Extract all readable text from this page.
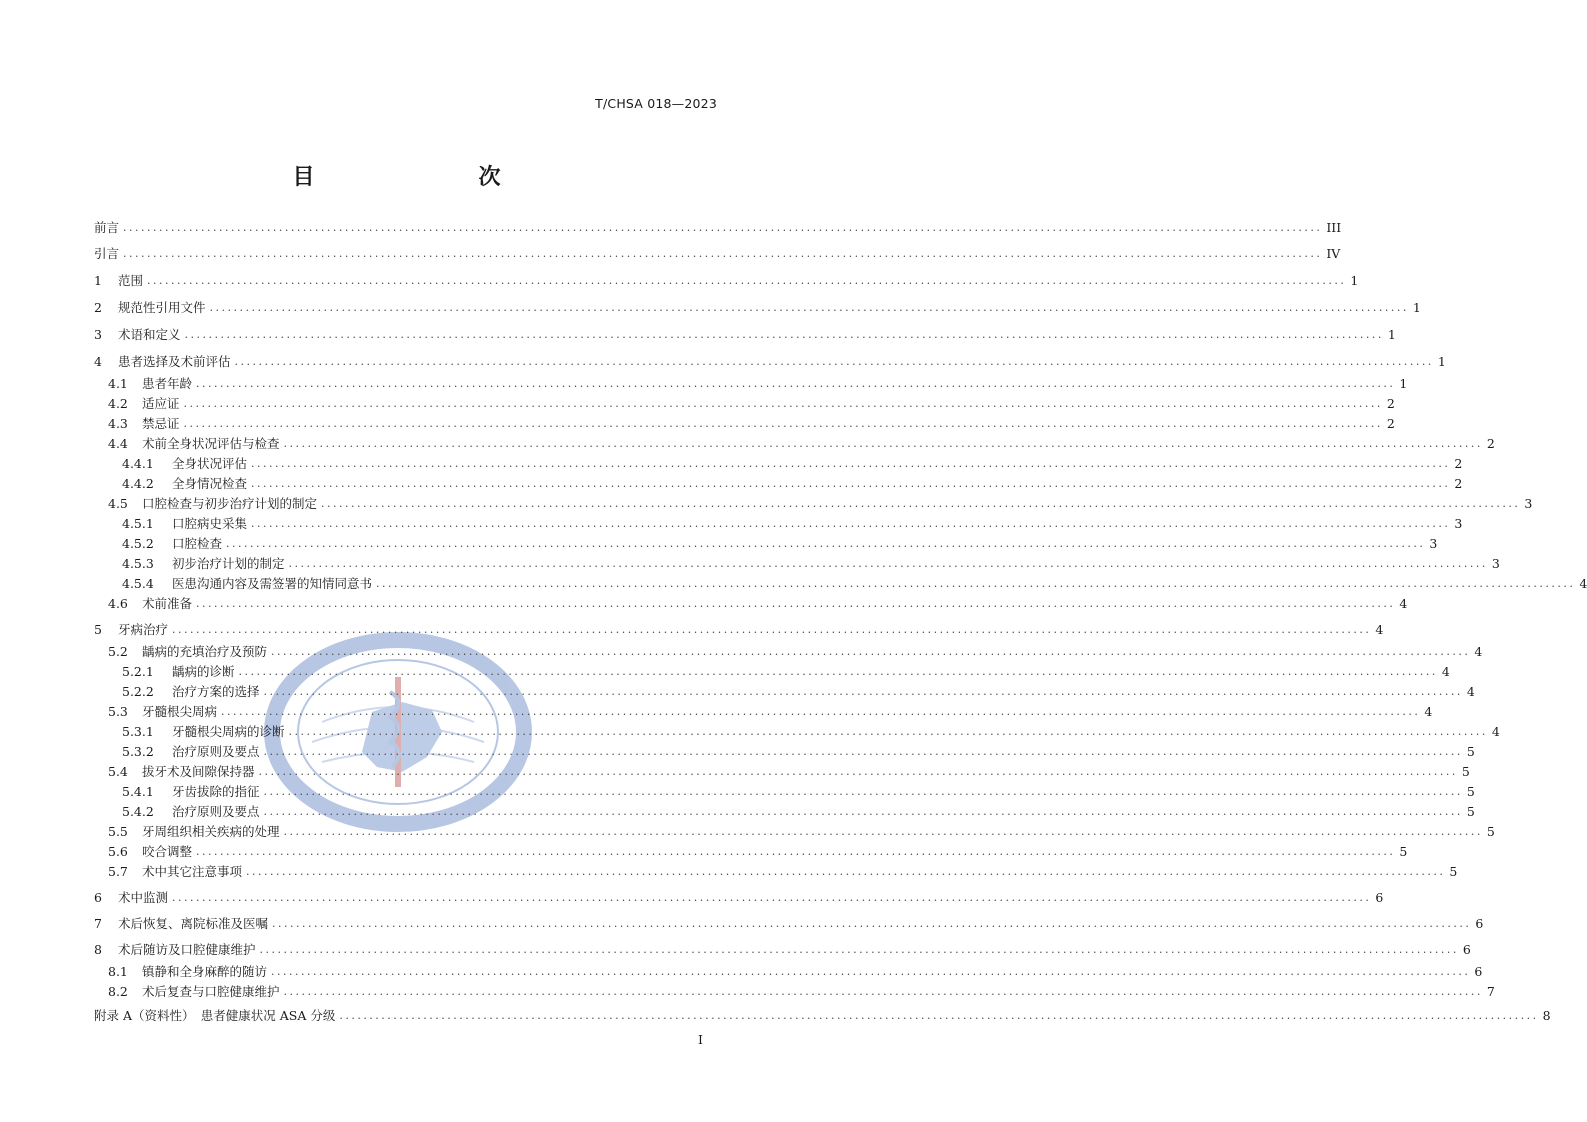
T/CHSA 018—2023
目　　次
前言 ........................................................................................................................................................................................................ III
引言 ........................................................................................................................................................................................................ IV
1	范围 ........................................................................................................................................................................................................ 1
2	规范性引用文件 ........................................................................................................................................................................................................ 1
3	术语和定义 ........................................................................................................................................................................................................ 1
4	患者选择及术前评估 ........................................................................................................................................................................................................ 1
4.1	患者年龄 ........................................................................................................................................................................................................ 1
4.2	适应证 ........................................................................................................................................................................................................ 2
4.3	禁忌证 ........................................................................................................................................................................................................ 2
4.4	术前全身状况评估与检查 ........................................................................................................................................................................................................ 2
4.4.1	全身状况评估 ........................................................................................................................................................................................................ 2
4.4.2	全身情况检查 ........................................................................................................................................................................................................ 2
4.5	口腔检查与初步治疗计划的制定 ........................................................................................................................................................................................................ 3
4.5.1	口腔病史采集 ........................................................................................................................................................................................................ 3
4.5.2	口腔检查 ........................................................................................................................................................................................................ 3
4.5.3	初步治疗计划的制定 ........................................................................................................................................................................................................ 3
4.5.4	医患沟通内容及需签署的知情同意书 ........................................................................................................................................................................................................ 4
4.6	术前准备 ........................................................................................................................................................................................................ 4
5	牙病治疗 ........................................................................................................................................................................................................ 4
5.2	龋病的充填治疗及预防 ........................................................................................................................................................................................................ 4
5.2.1	龋病的诊断 ........................................................................................................................................................................................................ 4
5.2.2	治疗方案的选择 ........................................................................................................................................................................................................ 4
5.3	牙髓根尖周病 ........................................................................................................................................................................................................ 4
5.3.1	牙髓根尖周病的诊断 ........................................................................................................................................................................................................ 4
5.3.2	治疗原则及要点 ........................................................................................................................................................................................................ 5
5.4	拔牙术及间隙保持器 ........................................................................................................................................................................................................ 5
5.4.1	牙齿拔除的指征 ........................................................................................................................................................................................................ 5
5.4.2	治疗原则及要点 ........................................................................................................................................................................................................ 5
5.5	牙周组织相关疾病的处理 ........................................................................................................................................................................................................ 5
5.6	咬合调整 ........................................................................................................................................................................................................ 5
5.7	术中其它注意事项 ........................................................................................................................................................................................................ 5
6	术中监测 ........................................................................................................................................................................................................ 6
7	术后恢复、离院标准及医嘱 ........................................................................................................................................................................................................ 6
8	术后随访及口腔健康维护 ........................................................................................................................................................................................................ 6
8.1	镇静和全身麻醉的随访 ........................................................................................................................................................................................................ 6
8.2	术后复查与口腔健康维护 ........................................................................................................................................................................................................ 7
附录 A（资料性）　患者健康状况 ASA 分级 ........................................................................................................................................................................................................ 8
I
